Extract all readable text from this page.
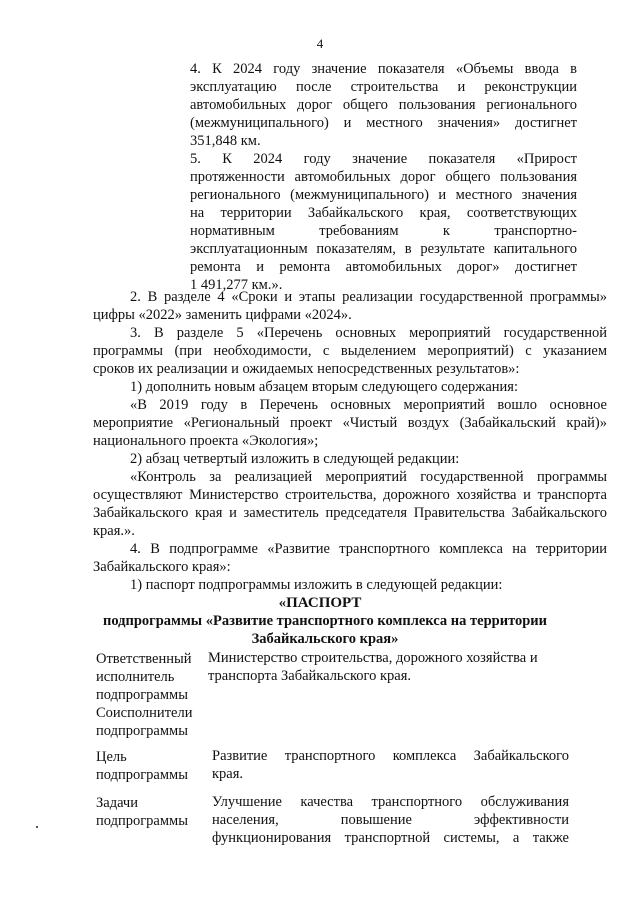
4
4. К 2024 году значение показателя «Объемы ввода в
эксплуатацию после строительства и реконструкции
автомобильных дорог общего пользования регионального
(межмуниципального) и местного значения» достигнет
351,848 км.
5. К 2024 году значение показателя «Прирост
протяженности автомобильных дорог общего пользования
регионального (межмуниципального) и местного значения
на территории Забайкальского края, соответствующих
нормативным требованиям к транспортно-
эксплуатационным показателям, в результате капитального
ремонта и ремонта автомобильных дорог» достигнет
1 491,277 км.».
2. В разделе 4 «Сроки и этапы реализации государственной программы»
цифры «2022» заменить цифрами «2024».
3. В разделе 5 «Перечень основных мероприятий государственной
программы (при необходимости, с выделением мероприятий) с указанием
сроков их реализации и ожидаемых непосредственных результатов»:
1) дополнить новым абзацем вторым следующего содержания:
«В 2019 году в Перечень основных мероприятий вошло основное
мероприятие «Региональный проект «Чистый воздух (Забайкальский край)»
национального проекта «Экология»;
2) абзац четвертый изложить в следующей редакции:
«Контроль за реализацией мероприятий государственной программы
осуществляют Министерство строительства, дорожного хозяйства и транспорта
Забайкальского края и заместитель председателя Правительства Забайкальского
края.».
4. В подпрограмме «Развитие транспортного комплекса на территории
Забайкальского края»:
1) паспорт подпрограммы изложить в следующей редакции:
«ПАСПОРТ
подпрограммы «Развитие транспортного комплекса на территории
Забайкальского края»
Ответственный
исполнитель
подпрограммы
Министерство строительства, дорожного хозяйства и
транспорта Забайкальского края.
Соисполнители
подпрограммы
Цель
подпрограммы
Развитие транспортного комплекса Забайкальского
края.
Задачи
подпрограммы
Улучшение качества транспортного обслуживания
населения, повышение эффективности
функционирования транспортной системы, а также
